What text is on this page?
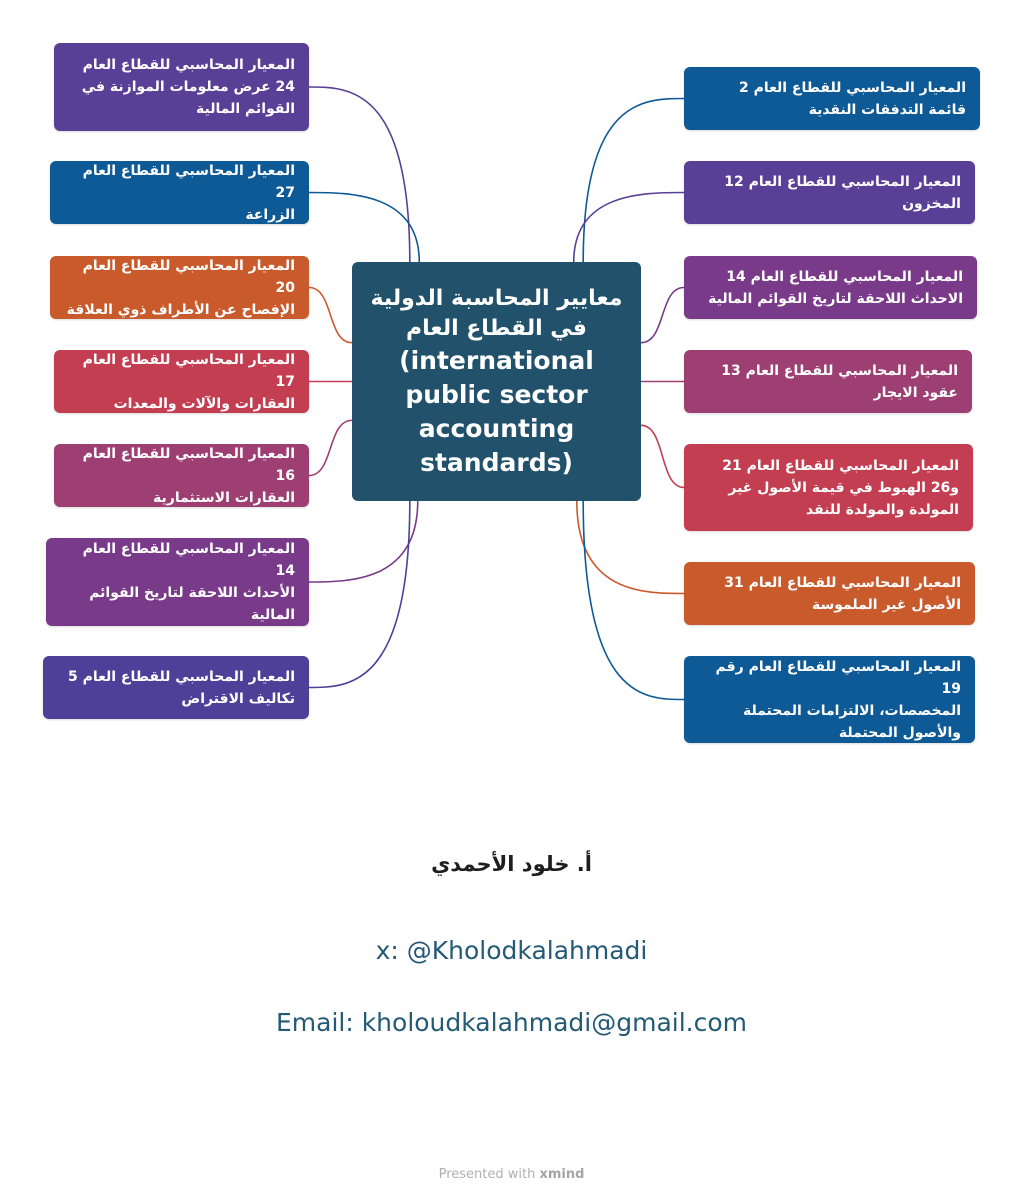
المعيار المحاسبي للقطاع العام
24 عرض معلومات الموازنة في
القوائم المالية
المعيار المحاسبي للقطاع العام 27
الزراعة
المعيار المحاسبي للقطاع العام 20
الإفصاح عن الأطراف ذوي العلاقة
المعيار المحاسبي للقطاع العام 17
العقارات والآلات والمعدات
المعيار المحاسبي للقطاع العام 16
العقارات الاستثمارية
المعيار المحاسبي للقطاع العام 14
الأحداث اللاحقة لتاريخ القوائم
المالية
المعيار المحاسبي للقطاع العام 5
تكاليف الاقتراض
المعيار المحاسبي للقطاع العام 2
قائمة التدفقات النقدية
المعيار المحاسبي للقطاع العام 12
المخزون
المعيار المحاسبي للقطاع العام 14
الاحداث اللاحقة لتاريخ القوائم المالية
المعيار المحاسبي للقطاع العام 13
عقود الايجار
المعيار المحاسبي للقطاع العام 21
و26 الهبوط في قيمة الأصول غير
المولدة والمولدة للنقد
المعيار المحاسبي للقطاع العام 31
الأصول غير الملموسة
المعيار المحاسبي للقطاع العام رقم 19
المخصصات، الالتزامات المحتملة
والأصول المحتملة
معايير المحاسبة الدولية
في القطاع العام
(international
public sector
accounting
standards)
أ. خلود الأحمدي
x: @Kholodkalahmadi
Email: kholoudkalahmadi@gmail.com
Presented with xmind
